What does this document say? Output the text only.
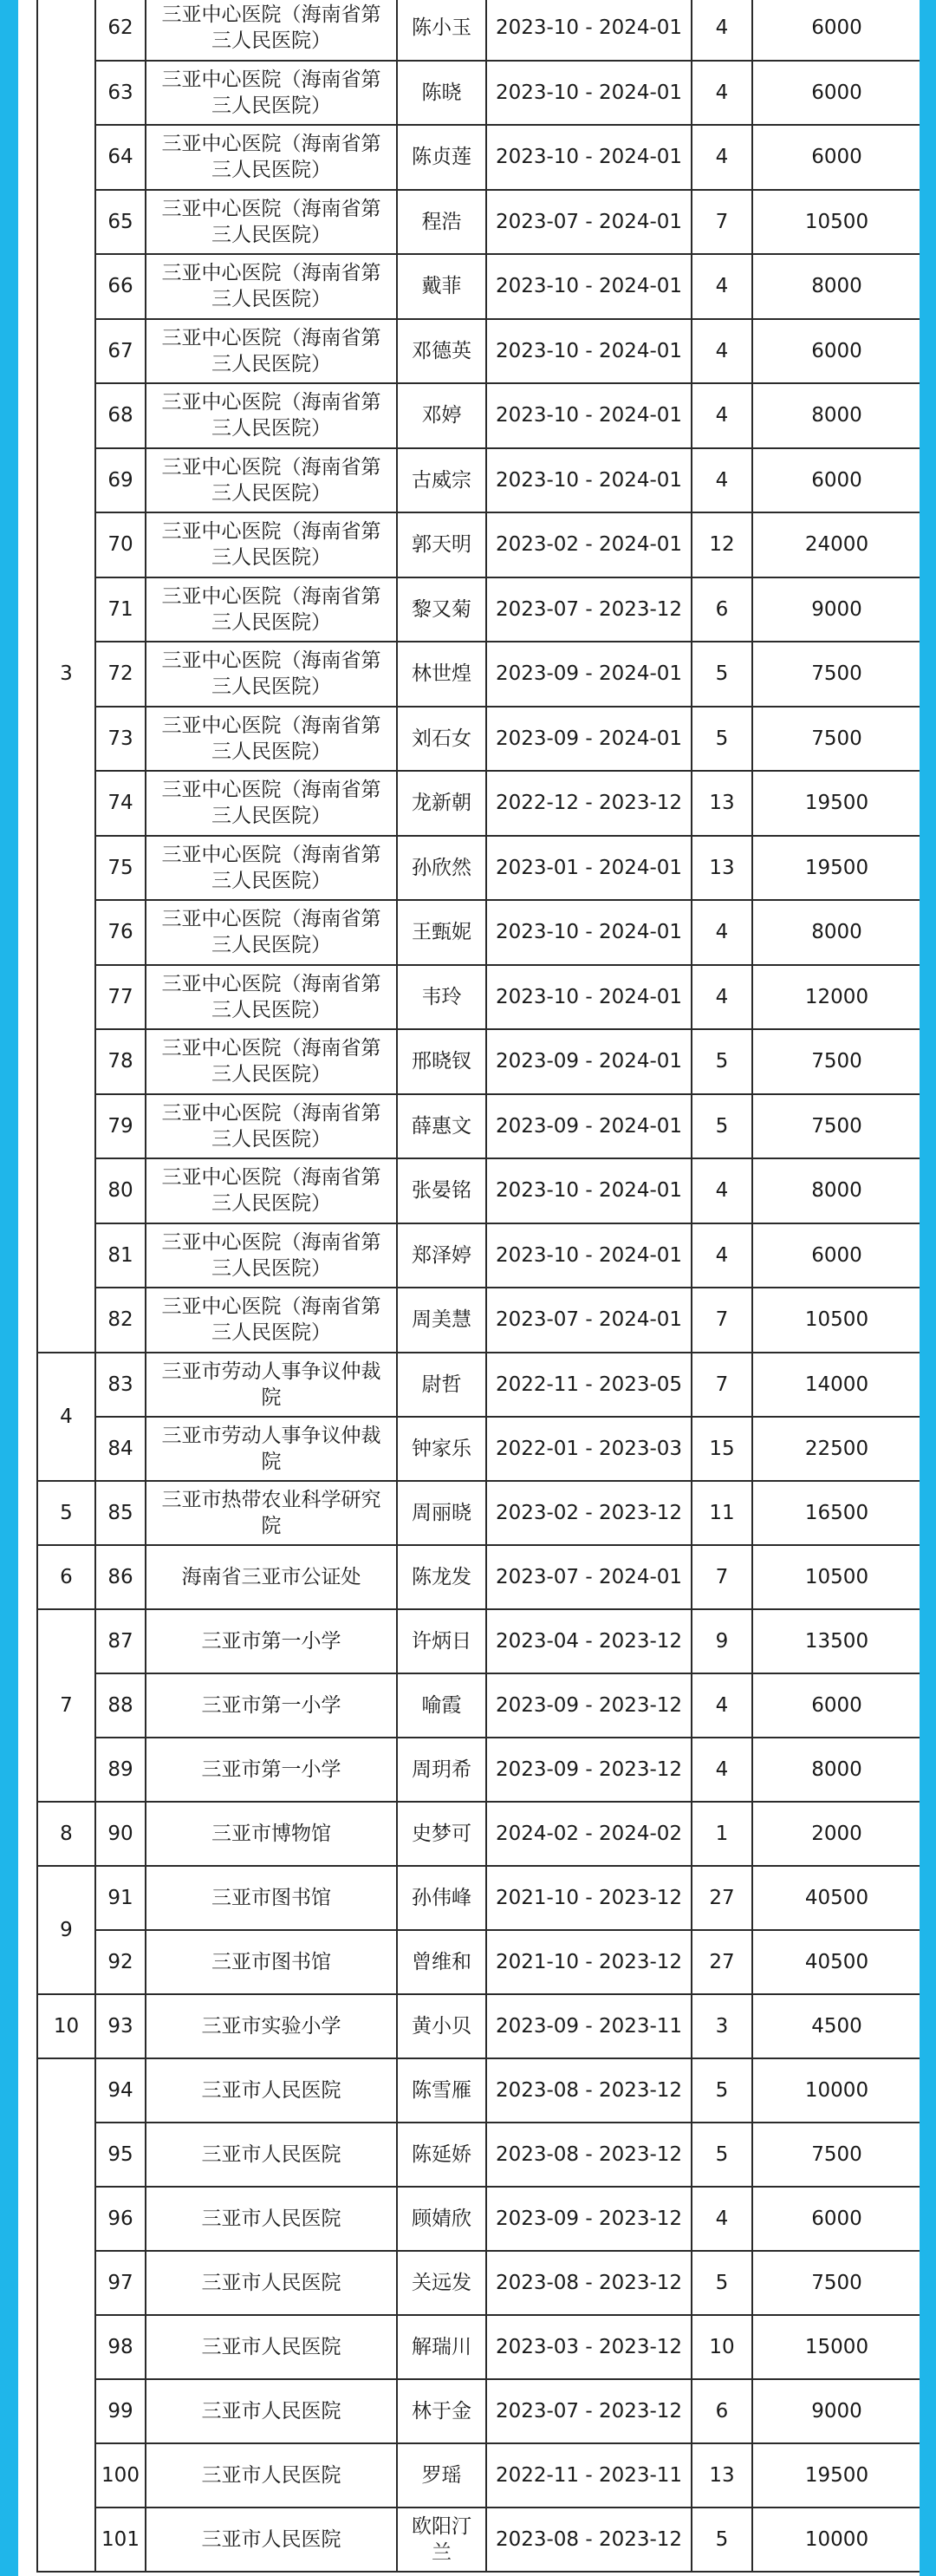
3	62	三亚中心医院（海南省第三人民医院）	陈小玉	2023-10 - 2024-01	4	6000
	63	三亚中心医院（海南省第三人民医院）	陈晓	2023-10 - 2024-01	4	6000
	64	三亚中心医院（海南省第三人民医院）	陈贞莲	2023-10 - 2024-01	4	6000
	65	三亚中心医院（海南省第三人民医院）	程浩	2023-07 - 2024-01	7	10500
	66	三亚中心医院（海南省第三人民医院）	戴菲	2023-10 - 2024-01	4	8000
	67	三亚中心医院（海南省第三人民医院）	邓德英	2023-10 - 2024-01	4	6000
	68	三亚中心医院（海南省第三人民医院）	邓婷	2023-10 - 2024-01	4	8000
	69	三亚中心医院（海南省第三人民医院）	古威宗	2023-10 - 2024-01	4	6000
	70	三亚中心医院（海南省第三人民医院）	郭天明	2023-02 - 2024-01	12	24000
	71	三亚中心医院（海南省第三人民医院）	黎又菊	2023-07 - 2023-12	6	9000
	72	三亚中心医院（海南省第三人民医院）	林世煌	2023-09 - 2024-01	5	7500
	73	三亚中心医院（海南省第三人民医院）	刘石女	2023-09 - 2024-01	5	7500
	74	三亚中心医院（海南省第三人民医院）	龙新朝	2022-12 - 2023-12	13	19500
	75	三亚中心医院（海南省第三人民医院）	孙欣然	2023-01 - 2024-01	13	19500
	76	三亚中心医院（海南省第三人民医院）	王甄妮	2023-10 - 2024-01	4	8000
	77	三亚中心医院（海南省第三人民医院）	韦玲	2023-10 - 2024-01	4	12000
	78	三亚中心医院（海南省第三人民医院）	邢晓钗	2023-09 - 2024-01	5	7500
	79	三亚中心医院（海南省第三人民医院）	薛惠文	2023-09 - 2024-01	5	7500
	80	三亚中心医院（海南省第三人民医院）	张晏铭	2023-10 - 2024-01	4	8000
	81	三亚中心医院（海南省第三人民医院）	郑泽婷	2023-10 - 2024-01	4	6000
	82	三亚中心医院（海南省第三人民医院）	周美慧	2023-07 - 2024-01	7	10500
4	83	三亚市劳动人事争议仲裁院	尉哲	2022-11 - 2023-05	7	14000
	84	三亚市劳动人事争议仲裁院	钟家乐	2022-01 - 2023-03	15	22500
5	85	三亚市热带农业科学研究院	周丽晓	2023-02 - 2023-12	11	16500
6	86	海南省三亚市公证处	陈龙发	2023-07 - 2024-01	7	10500
7	87	三亚市第一小学	许炳日	2023-04 - 2023-12	9	13500
	88	三亚市第一小学	喻霞	2023-09 - 2023-12	4	6000
	89	三亚市第一小学	周玥希	2023-09 - 2023-12	4	8000
8	90	三亚市博物馆	史梦可	2024-02 - 2024-02	1	2000
9	91	三亚市图书馆	孙伟峰	2021-10 - 2023-12	27	40500
	92	三亚市图书馆	曾维和	2021-10 - 2023-12	27	40500
10	93	三亚市实验小学	黄小贝	2023-09 - 2023-11	3	4500
	94	三亚市人民医院	陈雪雁	2023-08 - 2023-12	5	10000
	95	三亚市人民医院	陈延娇	2023-08 - 2023-12	5	7500
	96	三亚市人民医院	顾婧欣	2023-09 - 2023-12	4	6000
	97	三亚市人民医院	关远发	2023-08 - 2023-12	5	7500
	98	三亚市人民医院	解瑞川	2023-03 - 2023-12	10	15000
	99	三亚市人民医院	林于金	2023-07 - 2023-12	6	9000
	100	三亚市人民医院	罗瑶	2022-11 - 2023-11	13	19500
	101	三亚市人民医院	欧阳汀兰	2023-08 - 2023-12	5	10000
